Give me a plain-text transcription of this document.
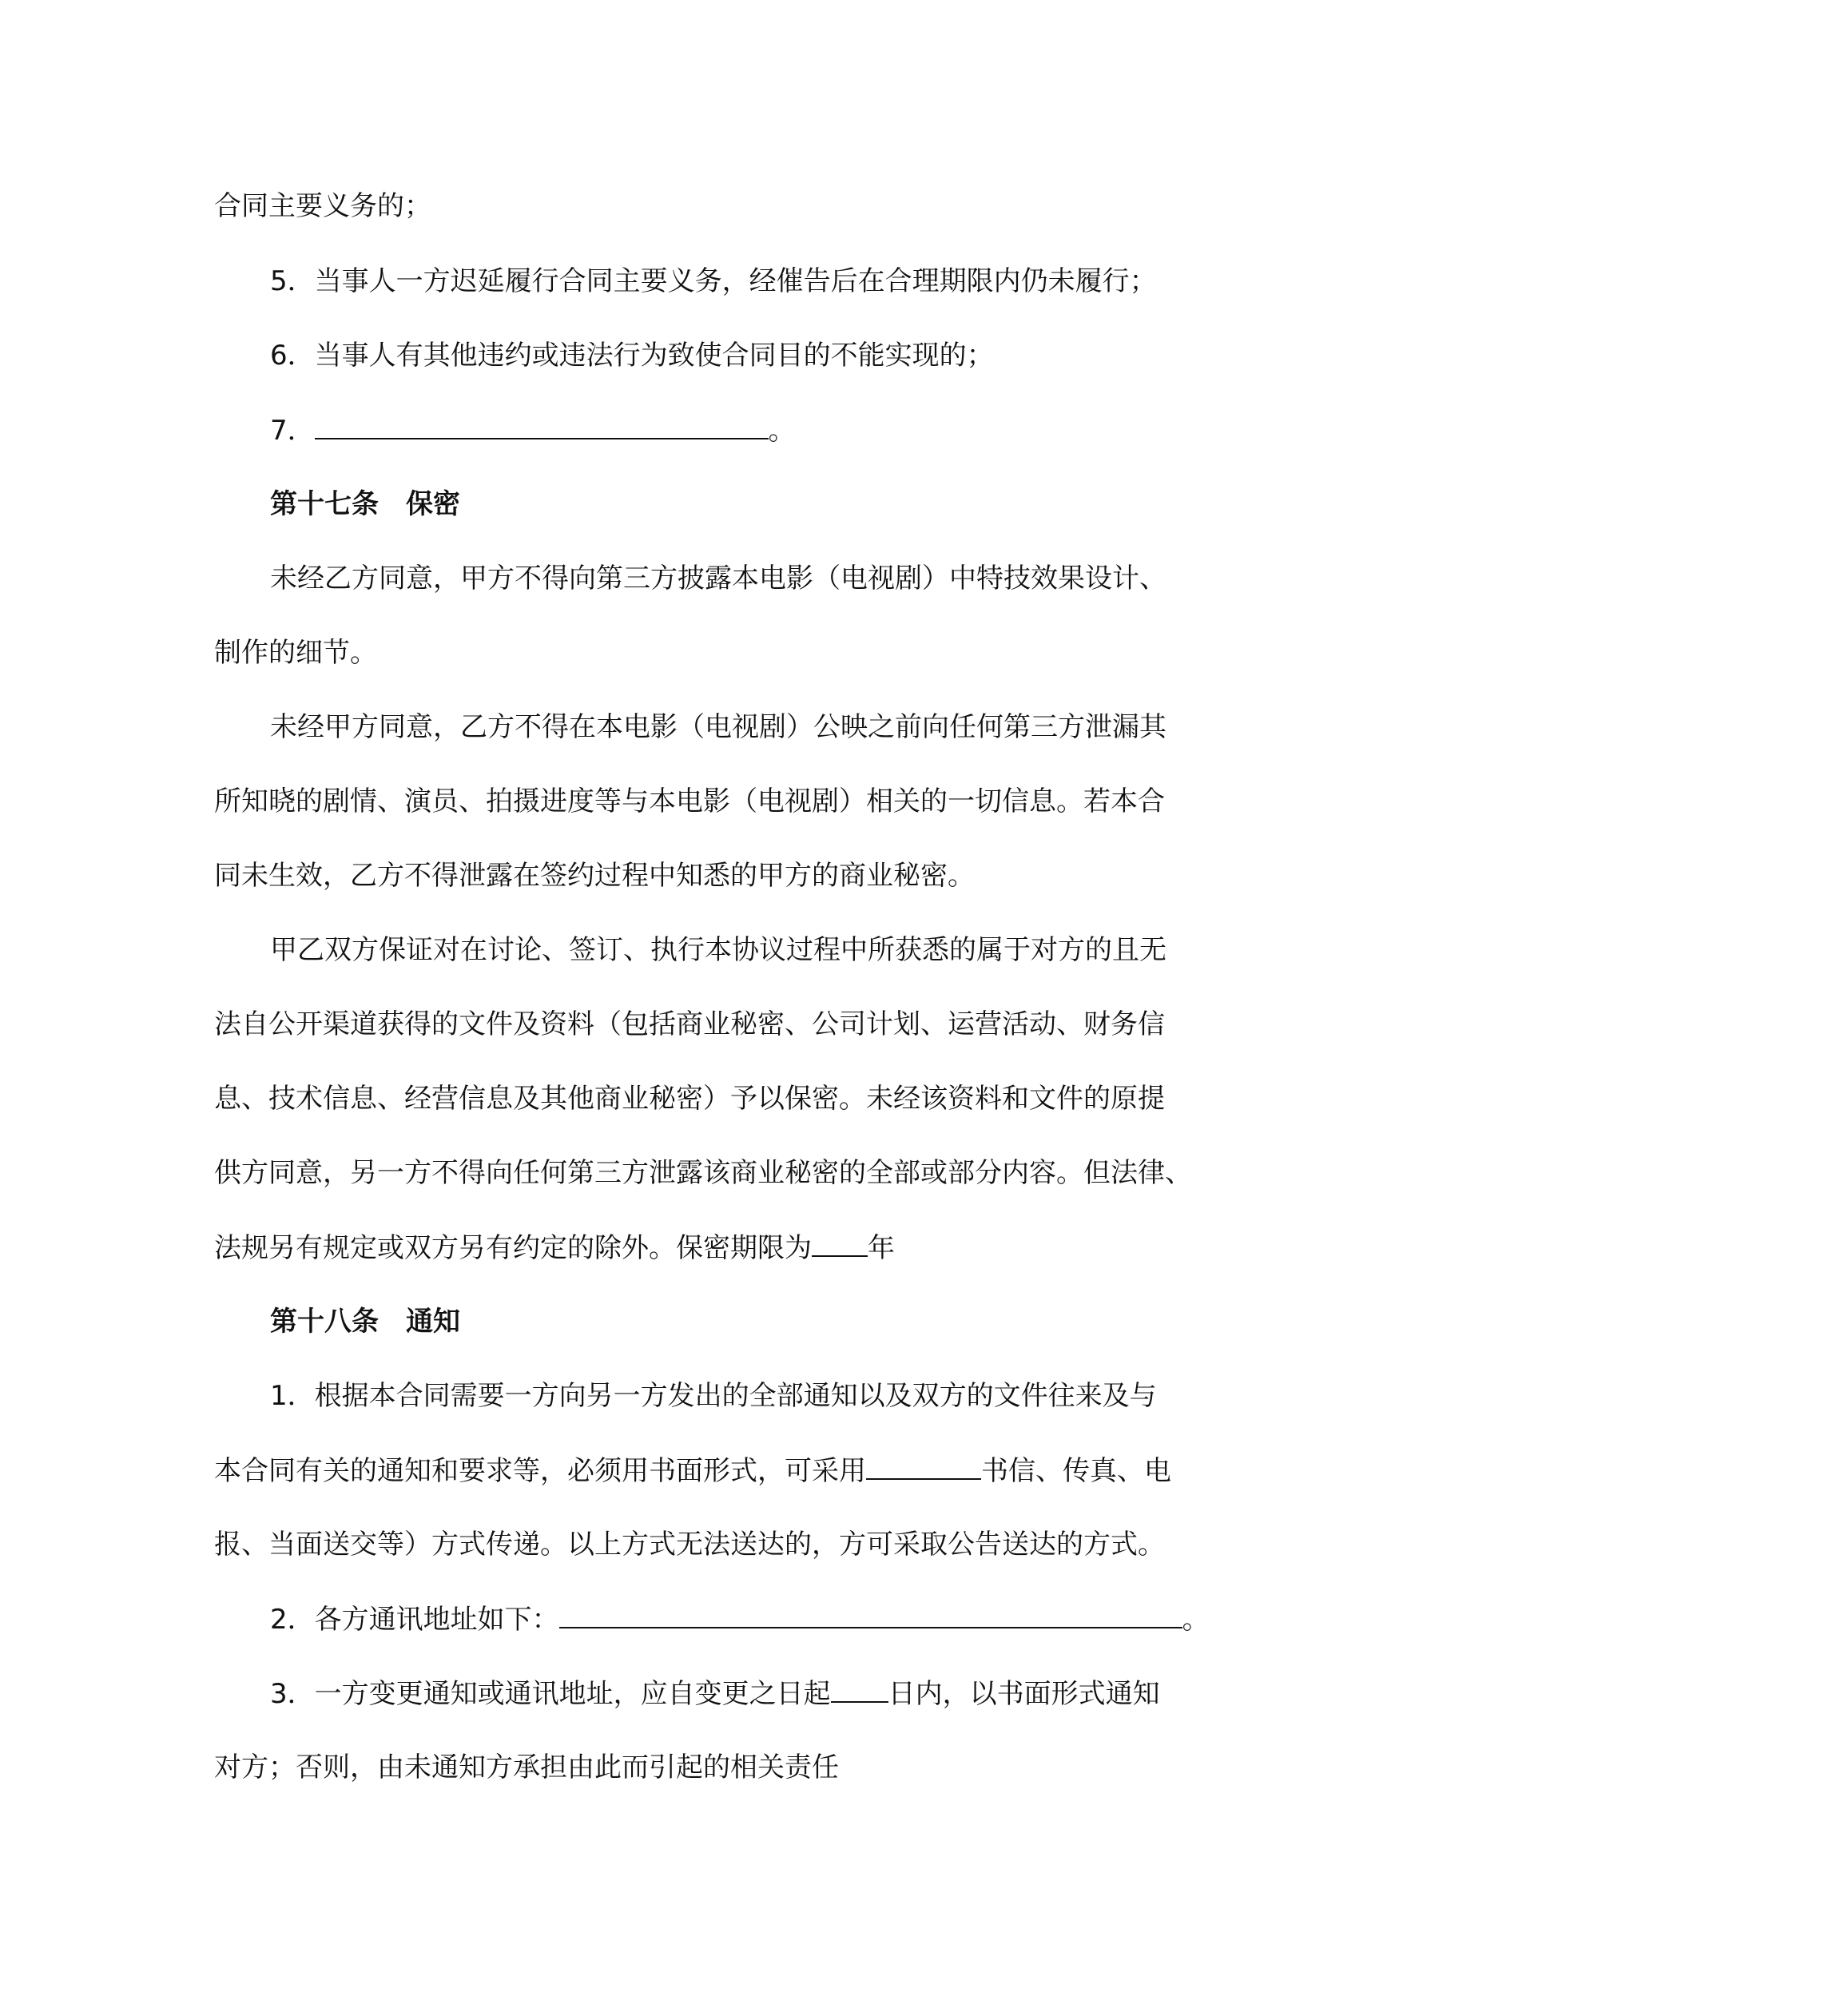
合同主要义务的；
5．当事人一方迟延履行合同主要义务，经催告后在合理期限内仍未履行；
6．当事人有其他违约或违法行为致使合同目的不能实现的；
7．	。
第十七条　保密
未经乙方同意，甲方不得向第三方披露本电影（电视剧）中特技效果设计、
制作的细节。
未经甲方同意，乙方不得在本电影（电视剧）公映之前向任何第三方泄漏其
所知晓的剧情、演员、拍摄进度等与本电影（电视剧）相关的一切信息。若本合
同未生效，乙方不得泄露在签约过程中知悉的甲方的商业秘密。
甲乙双方保证对在讨论、签订、执行本协议过程中所获悉的属于对方的且无
法自公开渠道获得的文件及资料（包括商业秘密、公司计划、运营活动、财务信
息、技术信息、经营信息及其他商业秘密）予以保密。未经该资料和文件的原提
供方同意，另一方不得向任何第三方泄露该商业秘密的全部或部分内容。但法律、
法规另有规定或双方另有约定的除外。保密期限为 年
第十八条　通知
1．根据本合同需要一方向另一方发出的全部通知以及双方的文件往来及与
本合同有关的通知和要求等，必须用书面形式，可采用	书信、传真、电
报、当面送交等）方式传递。以上方式无法送达的，方可采取公告送达的方式。
2．各方通讯地址如下：	。
3．一方变更通知或通讯地址，应自变更之日起 日内，以书面形式通知
对方；否则，由未通知方承担由此而引起的相关责任
